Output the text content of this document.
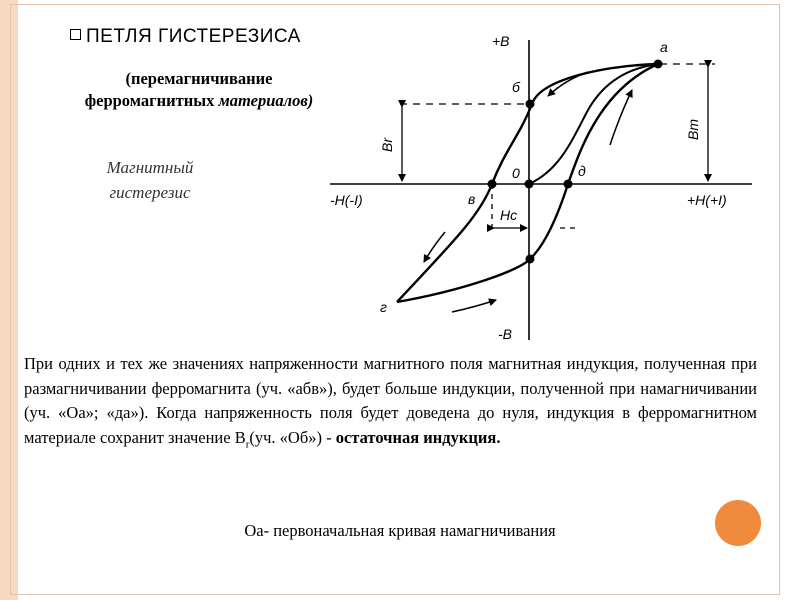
ПЕТЛЯ ГИСТЕРЕЗИСА
(перемагничивание
ферромагнитных материалов)
Магнитный
гистерезис
+B
-B
+H(+I)
-H(-I)
a
б
0
в
д
г
Br
Bm
Hc
При одних и тех же значениях напряженности магнитного поля магнитная индукция, полученная при размагничивании ферромагнита (уч. «абв»), будет больше индукции, полученной при намагничивании (уч. «Оа»; «да»). Когда напряженность поля будет доведена до нуля, индукция в ферромагнитном материале сохранит значение $B_r(уч$. «Об») - остаточная индукция.
Оа- первоначальная кривая намагничивания
